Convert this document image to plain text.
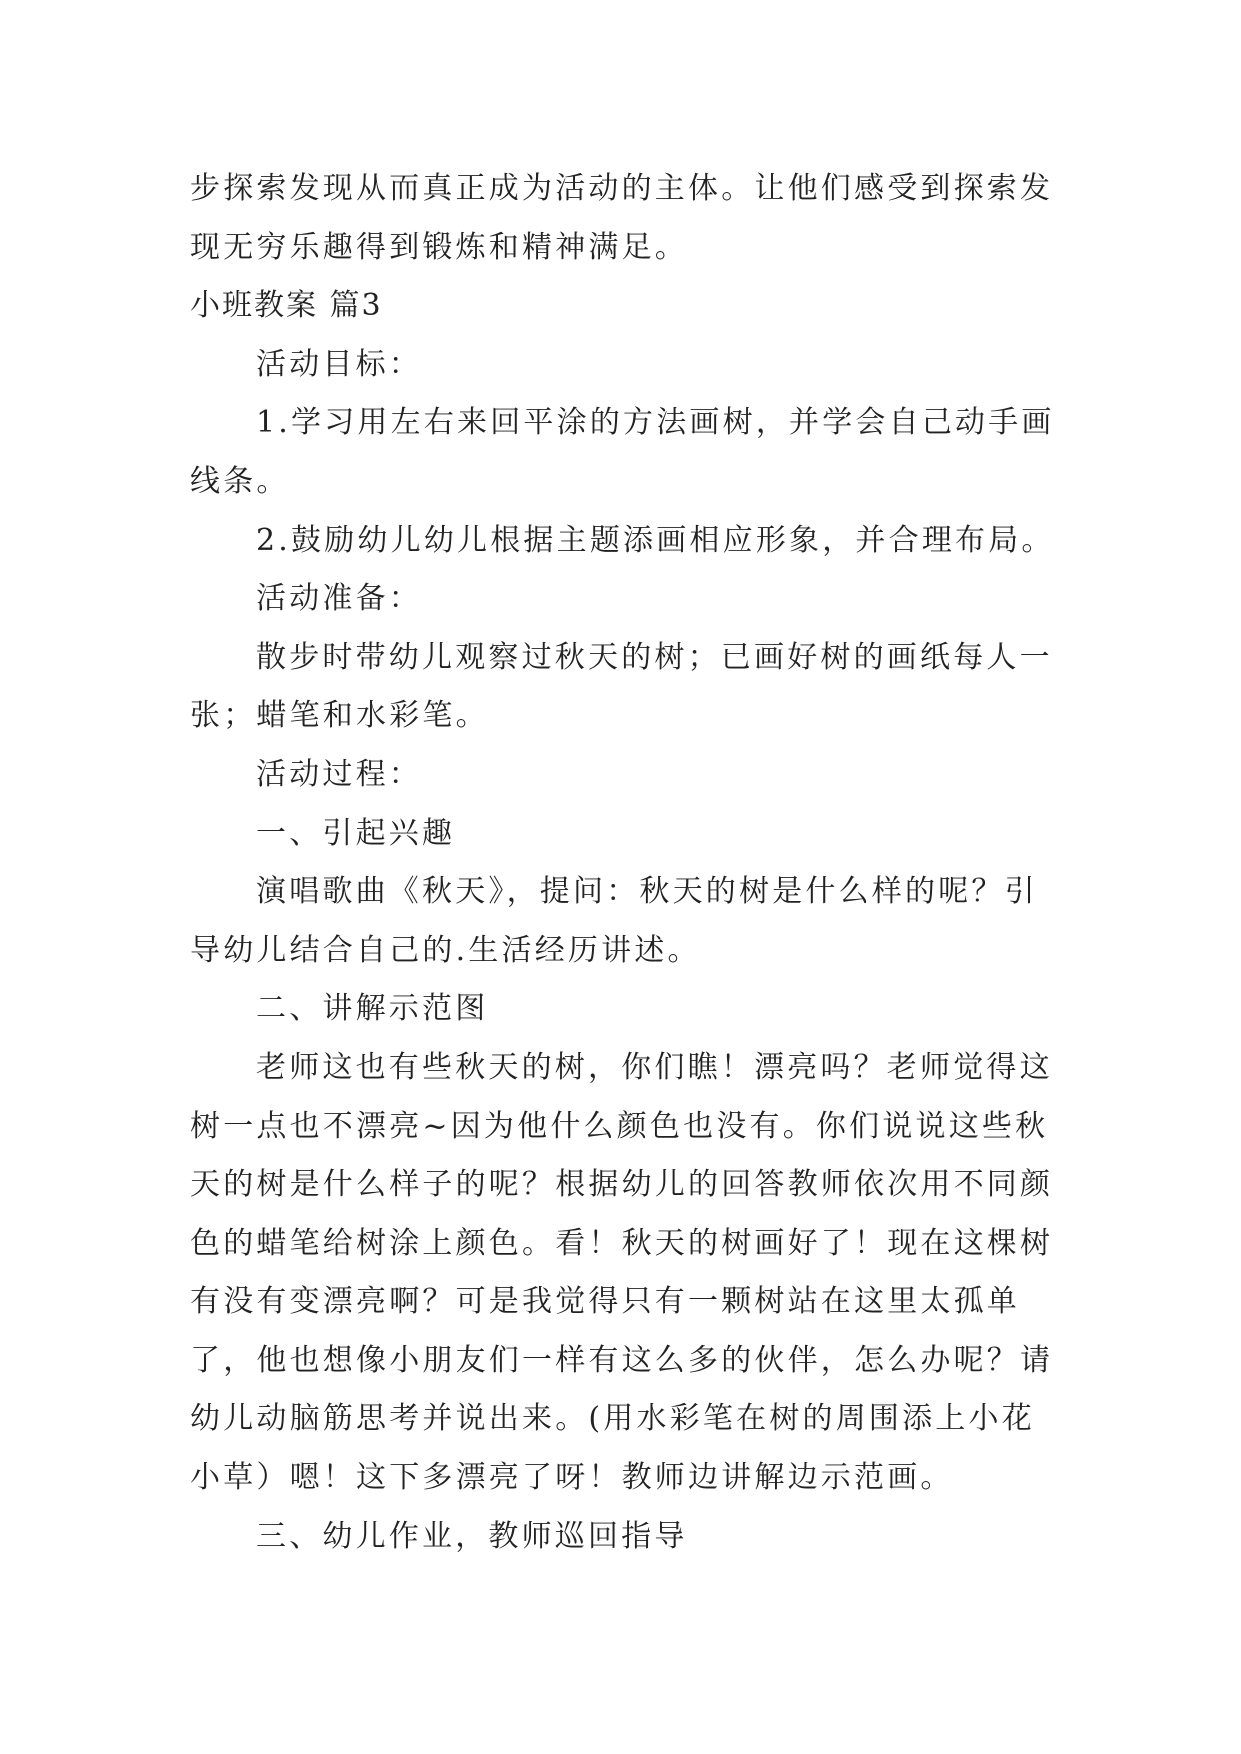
步探索发现从而真正成为活动的主体。让他们感受到探索发现无穷乐趣得到锻炼和精神满足。

小班教案 篇3

活动目标：

1.学习用左右来回平涂的方法画树，并学会自己动手画线条。

2.鼓励幼儿幼儿根据主题添画相应形象，并合理布局。

活动准备：

散步时带幼儿观察过秋天的树；已画好树的画纸每人一张；蜡笔和水彩笔。

活动过程：

一、引起兴趣

演唱歌曲《秋天》，提问：秋天的树是什么样的呢？引导幼儿结合自己的.生活经历讲述。

二、讲解示范图

老师这也有些秋天的树，你们瞧！漂亮吗？老师觉得这树一点也不漂亮~因为他什么颜色也没有。你们说说这些秋天的树是什么样子的呢？根据幼儿的回答教师依次用不同颜色的蜡笔给树涂上颜色。看！秋天的树画好了！现在这棵树有没有变漂亮啊？可是我觉得只有一颗树站在这里太孤单了，他也想像小朋友们一样有这么多的伙伴，怎么办呢？请幼儿动脑筋思考并说出来。(用水彩笔在树的周围添上小花小草）嗯！这下多漂亮了呀！教师边讲解边示范画。

三、幼儿作业，教师巡回指导
